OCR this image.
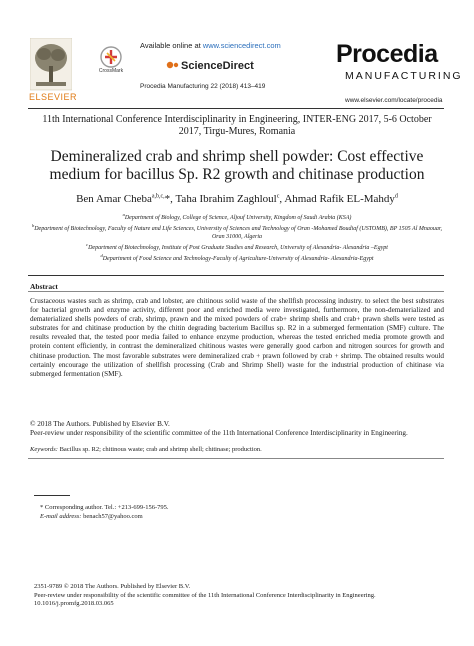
ELSEVIER
CrossMark
Available online at www.sciencedirect.com
ScienceDirect
Procedia Manufacturing 22 (2018) 413–419
Procedia
MANUFACTURING
www.elsevier.com/locate/procedia
11th International Conference Interdisciplinarity in Engineering, INTER-ENG 2017, 5-6 October 2017, Tirgu-Mures, Romania
Demineralized crab and shrimp shell powder: Cost effective medium for bacillus Sp. R2 growth and chitinase production
Ben Amar Cheba$^{a,b,c,}$*, Taha Ibrahim Zaghloul$^c$, Ahmad Rafik EL-Mahdy$^d$
$^a$Department of Biology, College of Science, Aljouf University, Kingdom of Saudi Arabia (KSA)
$^b$Department of Biotechnology, Faculty of Nature and Life Sciences, University of Sciences and Technology of Oran -Mohamed Boudiaf (USTOMB), BP 1505 Al Mnaouar, Oran 31000, Algeria
$^c$Department of Biotechnology, Institute of Post Graduate Studies and Research, University of Alexandria- Alexandria –Egypt
$^d$Department of Food Science and Technology-Faculty of Agriculture-University of Alexandria- Alexandria-Egypt
Abstract
Crustaceous wastes such as shrimp, crab and lobster, are chitinous solid waste of the shellfish processing industry. to select the best substrates for bacterial growth and enzyme activity, different poor and enriched media were investigated, furthermore, the non-dematerialized and dematerialized shells powders of crab, shrimp, prawn and the mixed powders of crab+ shrimp shells and crab+ prawn shells were tested as substrates for and chitinase production by the chitin degrading bacterium Bacillus sp. R2 in a submerged fermentation (SMF) culture. The results revealed that, the tested poor media failed to enhance enzyme production, whereas the tested enriched media promote growth and protein content efficiently, in contrast the demineralized chitinous wastes were generally good carbon and nitrogen sources for growth and chitinase production. The most favorable substrates were demineralized crab + prawn followed by crab + shrimp. The obtained results would certainly encourage the utilization of shellfish processing (Crab and Shrimp Shell) waste for the industrial production of chitinase via submerged fermentation (SMF).
© 2018 The Authors. Published by Elsevier B.V.
Peer-review under responsibility of the scientific committee of the 11th International Conference Interdisciplinarity in Engineering.
Keywords: Bacillus sp. R2; chitinous waste; crab and shrimp shell; chitinase; production.
* Corresponding author. Tel.: +213-699-156-795.
E-mail address: benach57@yahoo.com
2351-9789 © 2018 The Authors. Published by Elsevier B.V.
Peer-review under responsibility of the scientific committee of the 11th International Conference Interdisciplinarity in Engineering.
10.1016/j.promfg.2018.03.065
